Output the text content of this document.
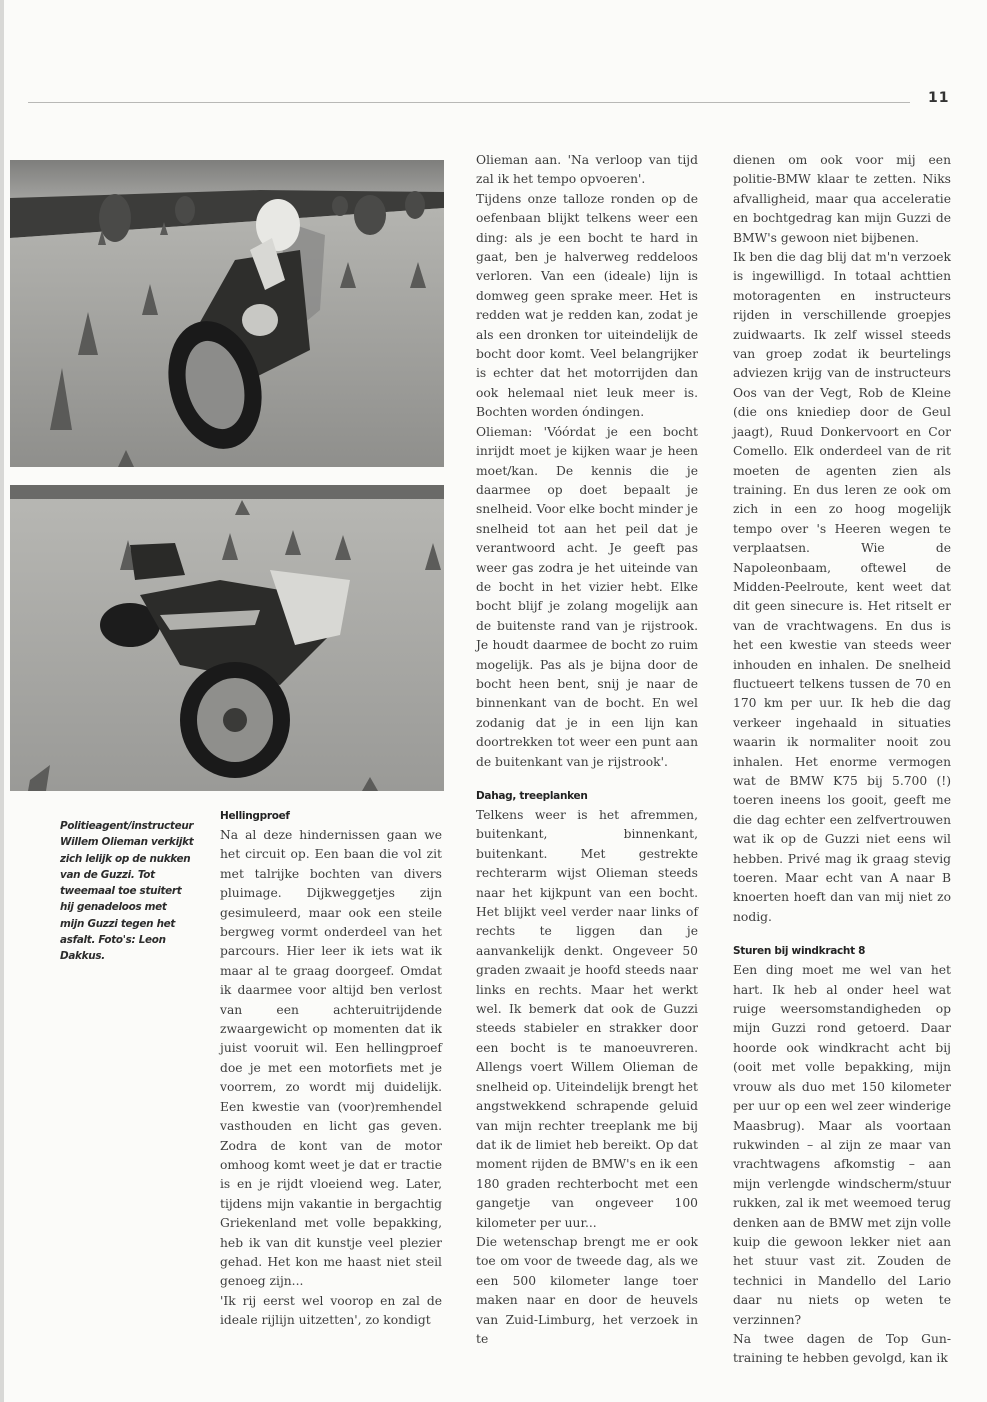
11
Politieagent/instructeur Willem Olieman verkijkt zich lelijk op de nukken van de Guzzi. Tot tweemaal toe stuitert hij genadeloos met mijn Guzzi tegen het asfalt. Foto's: Leon Dakkus.
Hellingproef

Na al deze hindernissen gaan we het circuit op. Een baan die vol zit met talrijke bochten van divers pluimage. Dijkweggetjes zijn gesimuleerd, maar ook een steile bergweg vormt onderdeel van het parcours. Hier leer ik iets wat ik maar al te graag doorgeef. Omdat ik daarmee voor altijd ben verlost van een achteruitrijdende zwaargewicht op momenten dat ik juist vooruit wil. Een hellingproef doe je met een motorfiets met je voorrem, zo wordt mij duidelijk. Een kwestie van (voor)remhendel vasthouden en licht gas geven. Zodra de kont van de motor omhoog komt weet je dat er tractie is en je rijdt vloeiend weg. Later, tijdens mijn vakantie in bergachtig Griekenland met volle bepakking, heb ik van dit kunstje veel plezier gehad. Het kon me haast niet steil genoeg zijn...

'Ik rij eerst wel voorop en zal de ideale rijlijn uitzetten', zo kondigt

Olieman aan. 'Na verloop van tijd zal ik het tempo opvoeren'.

Tijdens onze talloze ronden op de oefenbaan blijkt telkens weer een ding: als je een bocht te hard in gaat, ben je halverweg reddeloos verloren. Van een (ideale) lijn is domweg geen sprake meer. Het is redden wat je redden kan, zodat je als een dronken tor uiteindelijk de bocht door komt. Veel belangrijker is echter dat het motorrijden dan ook helemaal niet leuk meer is. Bochten worden óndingen.

Olieman: 'Vóórdat je een bocht inrijdt moet je kijken waar je heen moet/kan. De kennis die je daarmee op doet bepaalt je snelheid. Voor elke bocht minder je snelheid tot aan het peil dat je verantwoord acht. Je geeft pas weer gas zodra je het uiteinde van de bocht in het vizier hebt. Elke bocht blijf je zolang mogelijk aan de buitenste rand van je rijstrook. Je houdt daarmee de bocht zo ruim mogelijk. Pas als je bijna door de bocht heen bent, snij je naar de binnenkant van de bocht. En wel zodanig dat je in een lijn kan doortrekken tot weer een punt aan de buitenkant van je rijstrook'.

Dahag, treeplanken

Telkens weer is het afremmen, buitenkant, binnenkant, buitenkant. Met gestrekte rechterarm wijst Olieman steeds naar het kijkpunt van een bocht. Het blijkt veel verder naar links of rechts te liggen dan je aanvankelijk denkt. Ongeveer 50 graden zwaait je hoofd steeds naar links en rechts. Maar het werkt wel. Ik bemerk dat ook de Guzzi steeds stabieler en strakker door een bocht is te manoeuvreren. Allengs voert Willem Olieman de snelheid op. Uiteindelijk brengt het angstwekkend schrapende geluid van mijn rechter treeplank me bij dat ik de limiet heb bereikt. Op dat moment rijden de BMW's en ik een 180 graden rechterbocht met een gangetje van ongeveer 100 kilometer per uur...

Die wetenschap brengt me er ook toe om voor de tweede dag, als we een 500 kilometer lange toer maken naar en door de heuvels van Zuid-Limburg, het verzoek in te

dienen om ook voor mij een politie-BMW klaar te zetten. Niks afvalligheid, maar qua acceleratie en bochtgedrag kan mijn Guzzi de BMW's gewoon niet bijbenen.

Ik ben die dag blij dat m'n verzoek is ingewilligd. In totaal achttien motoragenten en instructeurs rijden in verschillende groepjes zuidwaarts. Ik zelf wissel steeds van groep zodat ik beurtelings adviezen krijg van de instructeurs Oos van der Vegt, Rob de Kleine (die ons kniediep door de Geul jaagt), Ruud Donkervoort en Cor Comello. Elk onderdeel van de rit moeten de agenten zien als training. En dus leren ze ook om zich in een zo hoog mogelijk tempo over 's Heeren wegen te verplaatsen. Wie de Napoleonbaam, oftewel de Midden-Peelroute, kent weet dat dit geen sinecure is. Het ritselt er van de vrachtwagens. En dus is het een kwestie van steeds weer inhouden en inhalen. De snelheid fluctueert telkens tussen de 70 en 170 km per uur. Ik heb die dag verkeer ingehaald in situaties waarin ik normaliter nooit zou inhalen. Het enorme vermogen wat de BMW K75 bij 5.700 (!) toeren ineens los gooit, geeft me die dag echter een zelfvertrouwen wat ik op de Guzzi niet eens wil hebben. Privé mag ik graag stevig toeren. Maar echt van A naar B knoerten hoeft dan van mij niet zo nodig.

Sturen bij windkracht 8

Een ding moet me wel van het hart. Ik heb al onder heel wat ruige weersomstandigheden op mijn Guzzi rond getoerd. Daar hoorde ook windkracht acht bij (ooit met volle bepakking, mijn vrouw als duo met 150 kilometer per uur op een wel zeer winderige Maasbrug). Maar als voortaan rukwinden – al zijn ze maar van vrachtwagens afkomstig – aan mijn verlengde windscherm/stuur rukken, zal ik met weemoed terug denken aan de BMW met zijn volle kuip die gewoon lekker niet aan het stuur vast zit. Zouden de technici in Mandello del Lario daar nu niets op weten te verzinnen?

Na twee dagen de Top Gun-training te hebben gevolgd, kan ik
